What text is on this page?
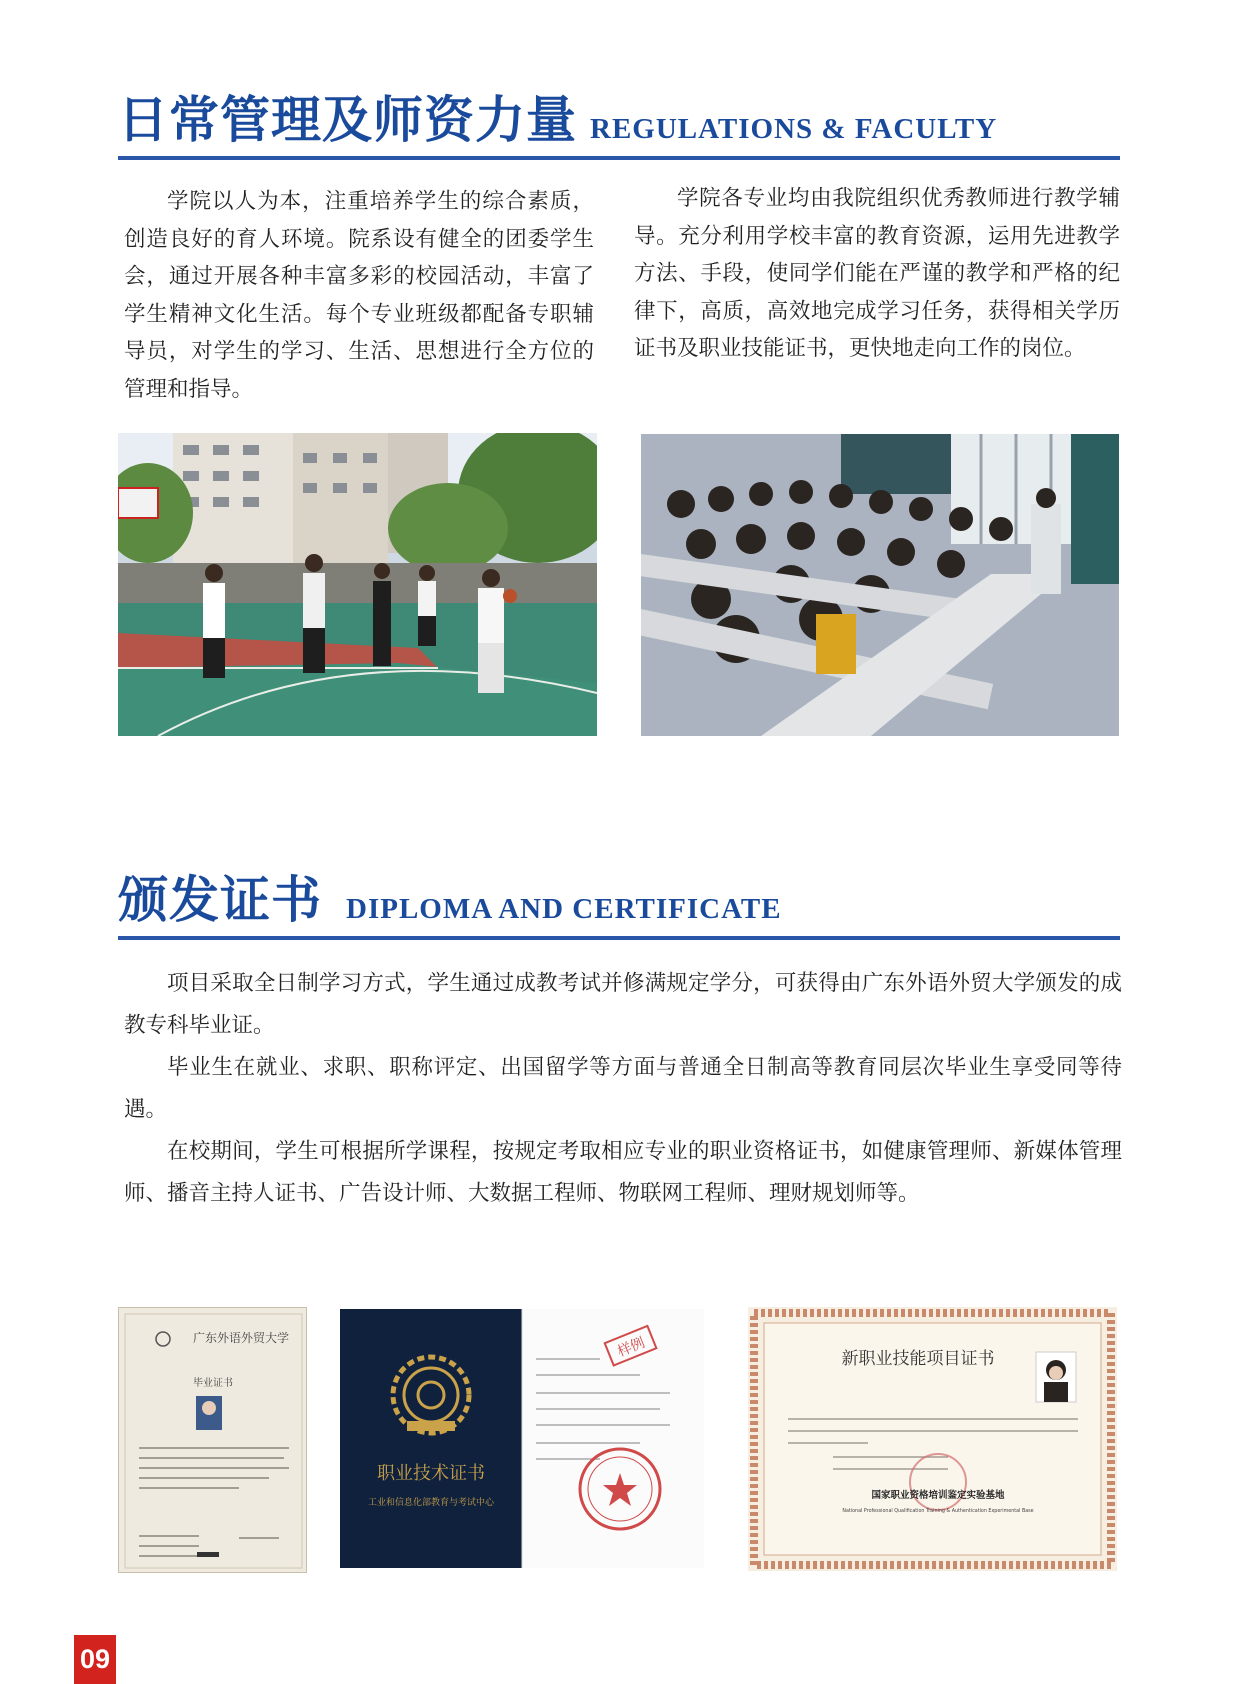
日常管理及师资力量 REGULATIONS & FACULTY

学院以人为本，注重培养学生的综合素质，创造良好的育人环境。院系设有健全的团委学生会，通过开展各种丰富多彩的校园活动，丰富了学生精神文化生活。每个专业班级都配备专职辅导员，对学生的学习、生活、思想进行全方位的管理和指导。

学院各专业均由我院组织优秀教师进行教学辅导。充分利用学校丰富的教育资源，运用先进教学方法、手段，使同学们能在严谨的教学和严格的纪律下，高质，高效地完成学习任务，获得相关学历证书及职业技能证书，更快地走向工作的岗位。

颁发证书 DIPLOMA AND CERTIFICATE

项目采取全日制学习方式，学生通过成教考试并修满规定学分，可获得由广东外语外贸大学颁发的成教专科毕业证。

毕业生在就业、求职、职称评定、出国留学等方面与普通全日制高等教育同层次毕业生享受同等待遇。

在校期间，学生可根据所学课程，按规定考取相应专业的职业资格证书，如健康管理师、新媒体管理师、播音主持人证书、广告设计师、大数据工程师、物联网工程师、理财规划师等。

广东外语外贸大学
毕业证书
职业技术证书
工业和信息化部教育与考试中心
样例	新职业技能项目证书
国家职业资格培训鉴定实验基地
National Professional Qualification Training & Authentication Experimental Base
09
